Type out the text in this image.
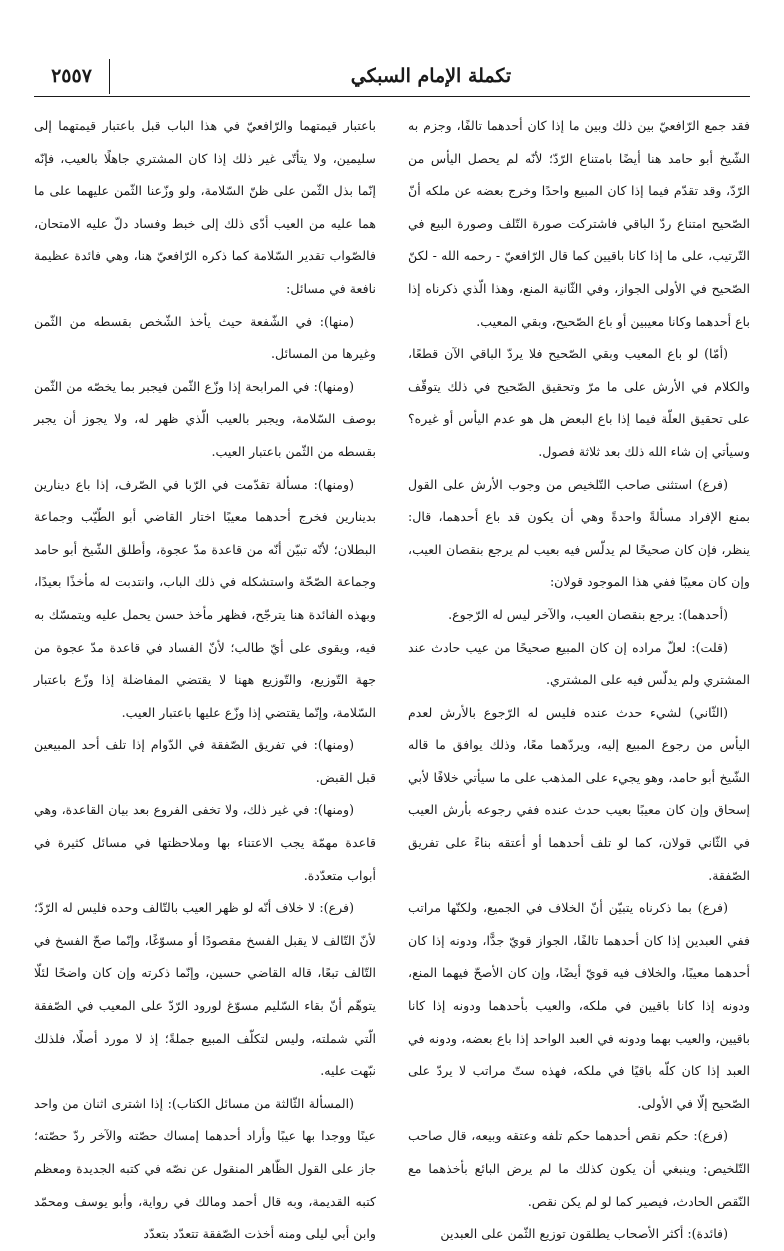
٢٥٥٧	تكملة الإمام السبكي

فقد جمع الرّافعيّ بين ذلك وبين ما إذا كان أحدهما تالفًا، وجزم به الشّيخ أبو حامد هنا أيضًا بامتناع الرّدّ؛ لأنّه لم يحصل اليأس من الرّدّ، وقد تقدّم فيما إذا كان المبيع واحدًا وخرج بعضه عن ملكه أنّ الصّحيح امتناع ردّ الباقي فاشتركت صورة التّلف وصورة البيع في التّرتيب، على ما إذا كانا باقيين كما قال الرّافعيّ - رحمه الله - لكنّ الصّحيح في الأولى الجواز، وفي الثّانية المنع، وهذا الّذي ذكرناه إذا باع أحدهما وكانا معيبين أو باع الصّحيح، وبقي المعيب.

(أمّا) لو باع المعيب وبقي الصّحيح فلا يردّ الباقي الآن قطعًا، والكلام في الأرش على ما مرّ وتحقيق الصّحيح في ذلك يتوقّف على تحقيق العلّة فيما إذا باع البعض هل هو عدم اليأس أو غيره؟ وسيأتي إن شاء الله ذلك بعد ثلاثة فصول.

(فرع) استثنى صاحب التّلخيص من وجوب الأرش على القول بمنع الإفراد مسألةً واحدةً وهي أن يكون قد باع أحدهما، قال: ينظر، فإن كان صحيحًا لم يدلّس فيه بعيب لم يرجع بنقصان العيب، وإن كان معيبًا ففي هذا الموجود قولان:

(أحدهما): يرجع بنقصان العيب، والآخر ليس له الرّجوع.

(قلت): لعلّ مراده إن كان المبيع صحيحًا من عيب حادث عند المشتري ولم يدلّس فيه على المشتري.

(الثّاني) لشيء حدث عنده فليس له الرّجوع بالأرش لعدم اليأس من رجوع المبيع إليه، ويردّهما معًا، وذلك يوافق ما قاله الشّيخ أبو حامد، وهو يجيء على المذهب على ما سيأتي خلافًا لأبي إسحاق وإن كان معيبًا بعيب حدث عنده ففي رجوعه بأرش العيب في الثّاني قولان، كما لو تلف أحدهما أو أعتقه بناءً على تفريق الصّفقة.

(فرع) بما ذكرناه يتبيّن أنّ الخلاف في الجميع، ولكنّها مراتب ففي العبدين إذا كان أحدهما تالفًا، الجواز قويّ جدًّا، ودونه إذا كان أحدهما معيبًا، والخلاف فيه قويّ أيضًا، وإن كان الأصحّ فيهما المنع، ودونه إذا كانا باقيين في ملكه، والعيب بأحدهما ودونه إذا كانا باقيين، والعيب بهما ودونه في العبد الواحد إذا باع بعضه، ودونه في العبد إذا كان كلّه باقيًا في ملكه، فهذه ستّ مراتب لا يردّ على الصّحيح إلّا في الأولى.

(فرع): حكم نقص أحدهما حكم تلفه وعتقه وبيعه، قال صاحب التّلخيص: وينبغي أن يكون كذلك ما لم يرض البائع بأخذهما مع النّقص الحادث، فيصير كما لو لم يكن نقص.

(فائدة): أكثر الأصحاب يطلقون توزيع الثّمن على العبدين

باعتبار قيمتهما والرّافعيّ في هذا الباب قبل باعتبار قيمتهما إلى سليمين، ولا يتأتّى غير ذلك إذا كان المشتري جاهلًا بالعيب، فإنّه إنّما بذل الثّمن على ظنّ السّلامة، ولو وزّعنا الثّمن عليهما على ما هما عليه من العيب أدّى ذلك إلى خبط وفساد دلّ عليه الامتحان، فالصّواب تقدير السّلامة كما ذكره الرّافعيّ هنا، وهي فائدة عظيمة نافعة في مسائل:

(منها): في الشّفعة حيث يأخذ الشّخص بقسطه من الثّمن وغيرها من المسائل.

(ومنها): في المرابحة إذا وزّع الثّمن فيجبر بما يخصّه من الثّمن بوصف السّلامة، ويجبر بالعيب الّذي ظهر له، ولا يجوز أن يجبر بقسطه من الثّمن باعتبار العيب.

(ومنها): مسألة تقدّمت في الرّبا في الصّرف، إذا باع دينارين بدينارين فخرج أحدهما معيبًا اختار القاضي أبو الطّيّب وجماعة البطلان؛ لأنّه تبيّن أنّه من قاعدة مدّ عجوة، وأطلق الشّيخ أبو حامد وجماعة الصّحّة واستشكله في ذلك الباب، وانتدبت له مأخذًا بعيدًا، وبهذه الفائدة هنا يترجّح، فظهر مأخذ حسن يحمل عليه ويتمسّك به فيه، ويقوى على أيّ طالب؛ لأنّ الفساد في قاعدة مدّ عجوة من جهة التّوزيع، والتّوزيع ههنا لا يقتضي المفاضلة إذا وزّع باعتبار السّلامة، وإنّما يقتضي إذا وزّع عليها باعتبار العيب.

(ومنها): في تفريق الصّفقة في الدّوام إذا تلف أحد المبيعين قبل القبض.

(ومنها): في غير ذلك، ولا تخفى الفروع بعد بيان القاعدة، وهي قاعدة مهمّة يجب الاعتناء بها وملاحظتها في مسائل كثيرة في أبواب متعدّدة.

(فرع): لا خلاف أنّه لو ظهر العيب بالتّالف وحده فليس له الرّدّ؛ لأنّ التّالف لا يقبل الفسخ مقصودًا أو مسوّغًا، وإنّما صحّ الفسخ في التّالف تبعًا، قاله القاضي حسين، وإنّما ذكرته وإن كان واضحًا لئلّا يتوهّم أنّ بقاء السّليم مسوّغ لورود الرّدّ على المعيب في الصّفقة الّتي شملته، وليس لتكلّف المبيع جملةً؛ إذ لا مورد أصلًا، فلذلك نبّهت عليه.

(المسألة الثّالثة من مسائل الكتاب): إذا اشترى اثنان من واحد عينًا ووجدا بها عيبًا وأراد أحدهما إمساك حصّته والآخر ردّ حصّته؛ جاز على القول الظّاهر المنقول عن نصّه في كتبه الجديدة ومعظم كتبه القديمة، وبه قال أحمد ومالك في رواية، وأبو يوسف ومحمّد وابن أبي ليلى ومنه أخذت الصّفقة تتعدّد بتعدّد
